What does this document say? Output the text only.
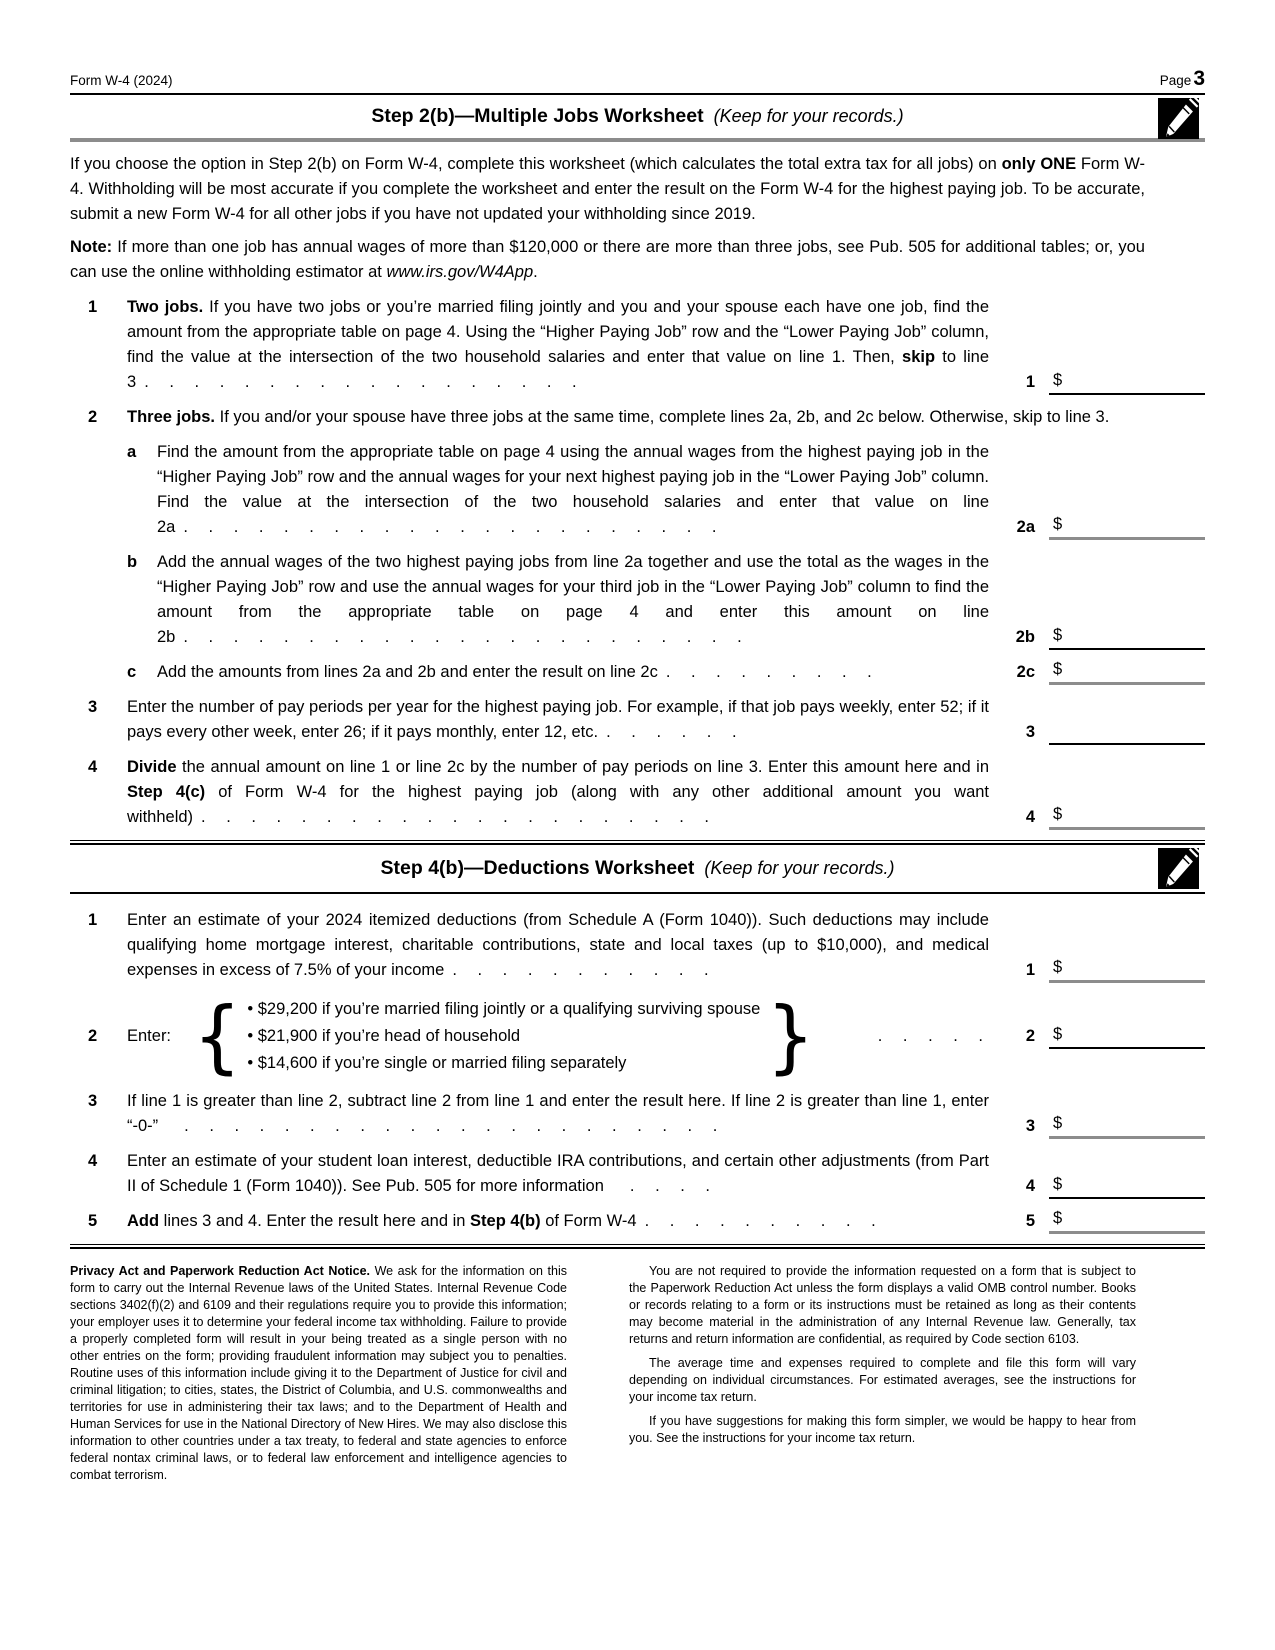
Form W-4 (2024)	Page 3
Step 2(b)—Multiple Jobs Worksheet (Keep for your records.)

If you choose the option in Step 2(b) on Form W-4, complete this worksheet (which calculates the total extra tax for all jobs) on only ONE Form W-4. Withholding will be most accurate if you complete the worksheet and enter the result on the Form W-4 for the highest paying job. To be accurate, submit a new Form W-4 for all other jobs if you have not updated your withholding since 2019.

Note: If more than one job has annual wages of more than $120,000 or there are more than three jobs, see Pub. 505 for additional tables; or, you can use the online withholding estimator at www.irs.gov/W4App.

1	Two jobs. If you have two jobs or you’re married filing jointly and you and your spouse each have one job, find the amount from the appropriate table on page 4. Using the “Higher Paying Job” row and the “Lower Paying Job” column, find the value at the intersection of the two household salaries and enter that value on line 1. Then, skip to line 3 . . . . . . . . . . . . . . . . . .	1 $
2	Three jobs. If you and/or your spouse have three jobs at the same time, complete lines 2a, 2b, and 2c below. Otherwise, skip to line 3.
a	Find the amount from the appropriate table on page 4 using the annual wages from the highest paying job in the “Higher Paying Job” row and the annual wages for your next highest paying job in the “Lower Paying Job” column. Find the value at the intersection of the two household salaries and enter that value on line 2a . . . . . . . . . . . . . . . . . . . . . .	2a $
b	Add the annual wages of the two highest paying jobs from line 2a together and use the total as the wages in the “Higher Paying Job” row and use the annual wages for your third job in the “Lower Paying Job” column to find the amount from the appropriate table on page 4 and enter this amount on line 2b . . . . . . . . . . . . . . . . . . . . . . .	2b $
c	Add the amounts from lines 2a and 2b and enter the result on line 2c . . . . . . . . .	2c $
3	Enter the number of pay periods per year for the highest paying job. For example, if that job pays weekly, enter 52; if it pays every other week, enter 26; if it pays monthly, enter 12, etc. . . . . . .	3
4	Divide the annual amount on line 1 or line 2c by the number of pay periods on line 3. Enter this amount here and in Step 4(c) of Form W-4 for the highest paying job (along with any other additional amount you want withheld) . . . . . . . . . . . . . . . . . . . . .	4 $
Step 4(b)—Deductions Worksheet (Keep for your records.)
1	Enter an estimate of your 2024 itemized deductions (from Schedule A (Form 1040)). Such deductions may include qualifying home mortgage interest, charitable contributions, state and local taxes (up to $10,000), and medical expenses in excess of 7.5% of your income . . . . . . . . . . .	1 $
2	Enter: { • $29,200 if you’re married filing jointly or a qualifying surviving spouse
• $21,900 if you’re head of household
• $14,600 if you’re single or married filing separately	}	. . . . .	2 $
3	If line 1 is greater than line 2, subtract line 2 from line 1 and enter the result here. If line 2 is greater than line 1, enter “-0-” . . . . . . . . . . . . . . . . . . . . . .	3 $
4	Enter an estimate of your student loan interest, deductible IRA contributions, and certain other adjustments (from Part II of Schedule 1 (Form 1040)). See Pub. 505 for more information . . . .	4 $
5	Add lines 3 and 4. Enter the result here and in Step 4(b) of Form W-4 . . . . . . . . . .	5 $
Privacy Act and Paperwork Reduction Act Notice. We ask for the information on this form to carry out the Internal Revenue laws of the United States. Internal Revenue Code sections 3402(f)(2) and 6109 and their regulations require you to provide this information; your employer uses it to determine your federal income tax withholding. Failure to provide a properly completed form will result in your being treated as a single person with no other entries on the form; providing fraudulent information may subject you to penalties. Routine uses of this information include giving it to the Department of Justice for civil and criminal litigation; to cities, states, the District of Columbia, and U.S. commonwealths and territories for use in administering their tax laws; and to the Department of Health and Human Services for use in the National Directory of New Hires. We may also disclose this information to other countries under a tax treaty, to federal and state agencies to enforce federal nontax criminal laws, or to federal law enforcement and intelligence agencies to combat terrorism.

You are not required to provide the information requested on a form that is subject to the Paperwork Reduction Act unless the form displays a valid OMB control number. Books or records relating to a form or its instructions must be retained as long as their contents may become material in the administration of any Internal Revenue law. Generally, tax returns and return information are confidential, as required by Code section 6103.

The average time and expenses required to complete and file this form will vary depending on individual circumstances. For estimated averages, see the instructions for your income tax return.

If you have suggestions for making this form simpler, we would be happy to hear from you. See the instructions for your income tax return.
